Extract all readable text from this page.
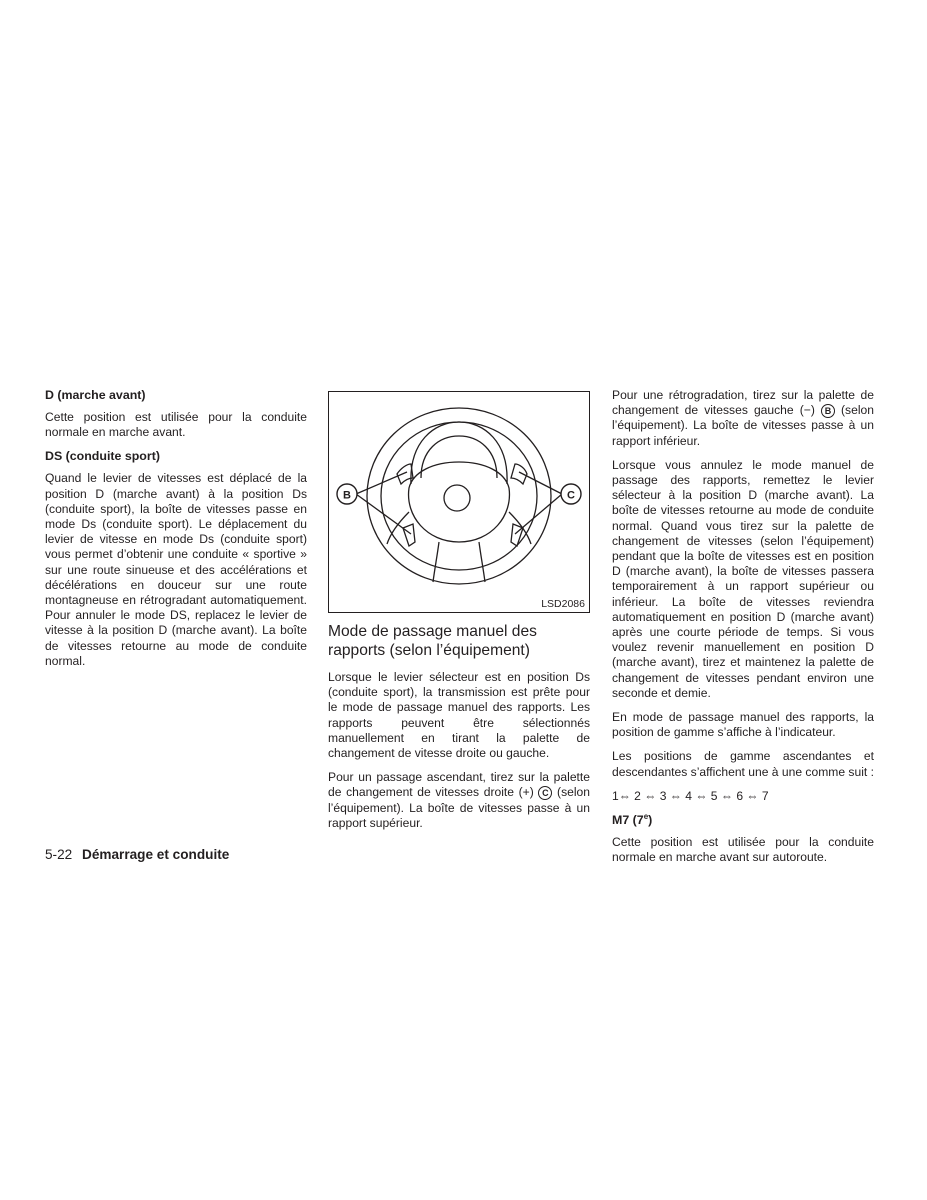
D (marche avant)

Cette position est utilisée pour la conduite normale en marche avant.

DS (conduite sport)

Quand le levier de vitesses est déplacé de la position D (marche avant) à la position Ds (conduite sport), la boîte de vitesses passe en mode Ds (conduite sport). Le déplacement du levier de vitesse en mode Ds (conduite sport) vous permet d’obtenir une conduite « sportive » sur une route sinueuse et des accélérations et décélérations en douceur sur une route montagneuse en rétrogradant automatiquement. Pour annuler le mode DS, replacez le levier de vitesse à la position D (marche avant). La boîte de vitesses retourne au mode de conduite normal.

B	C
LSD2086
Mode de passage manuel des rapports (selon l’équipement)

Lorsque le levier sélecteur est en position Ds (conduite sport), la transmission est prête pour le mode de passage manuel des rapports. Les rapports peuvent être sélectionnés manuellement en tirant la palette de changement de vitesse droite ou gauche.

Pour un passage ascendant, tirez sur la palette de changement de vitesses droite (+) C (selon l’équipement). La boîte de vitesses passe à un rapport supérieur.

Pour une rétrogradation, tirez sur la palette de changement de vitesses gauche (−) B (selon l’équipement). La boîte de vitesses passe à un rapport inférieur.

Lorsque vous annulez le mode manuel de passage des rapports, remettez le levier sélecteur à la position D (marche avant). La boîte de vitesses retourne au mode de conduite normal. Quand vous tirez sur la palette de changement de vitesses (selon l’équipement) pendant que la boîte de vitesses est en position D (marche avant), la boîte de vitesses passera temporairement à un rapport supérieur ou inférieur. La boîte de vitesses reviendra automatiquement en position D (marche avant) après une courte période de temps. Si vous voulez revenir manuellement en position D (marche avant), tirez et maintenez la palette de changement de vitesses pendant environ une seconde et demie.

En mode de passage manuel des rapports, la position de gamme s’affiche à l’indicateur.

Les positions de gamme ascendantes et descendantes s’affichent une à une comme suit :

1⇔ 2 ⇔ 3 ⇔ 4 ⇔ 5 ⇔ 6 ⇔ 7

M7 (7e)

Cette position est utilisée pour la conduite normale en marche avant sur autoroute.

5-22 Démarrage et conduite
